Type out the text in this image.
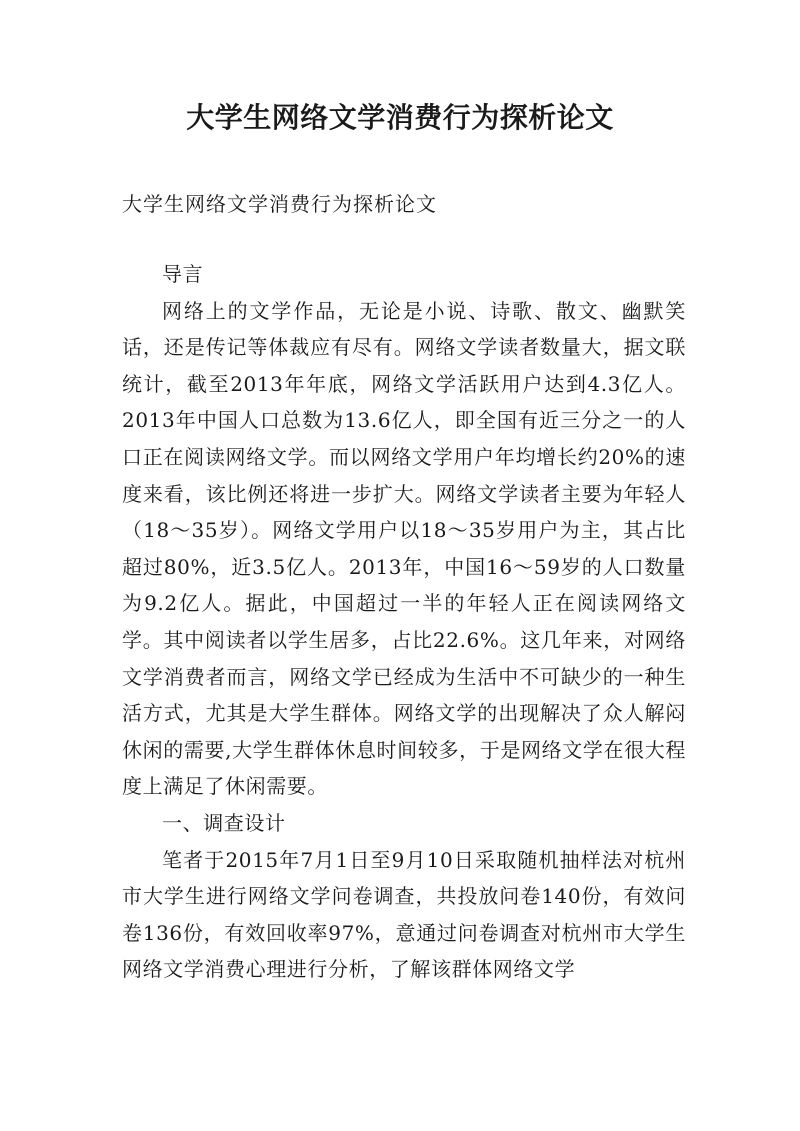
大学生网络文学消费行为探析论文

大学生网络文学消费行为探析论文

导言

网络上的文学作品，无论是小说、诗歌、散文、幽默笑话，还是传记等体裁应有尽有。网络文学读者数量大，据文联统计，截至2013年年底，网络文学活跃用户达到4.3亿人。2013年中国人口总数为13.6亿人，即全国有近三分之一的人口正在阅读网络文学。而以网络文学用户年均增长约20%的速度来看，该比例还将进一步扩大。网络文学读者主要为年轻人（18～35岁）。网络文学用户以18～35岁用户为主，其占比超过80%，近3.5亿人。2013年，中国16～59岁的人口数量为9.2亿人。据此，中国超过一半的年轻人正在阅读网络文学。其中阅读者以学生居多，占比22.6%。这几年来，对网络文学消费者而言，网络文学已经成为生活中不可缺少的一种生活方式，尤其是大学生群体。网络文学的出现解决了众人解闷休闲的需要,大学生群体休息时间较多，于是网络文学在很大程度上满足了休闲需要。

一、调查设计

笔者于2015年7月1日至9月10日采取随机抽样法对杭州市大学生进行网络文学问卷调查，共投放问卷140份，有效问卷136份，有效回收率97%，意通过问卷调查对杭州市大学生网络文学消费心理进行分析，了解该群体网络文学
